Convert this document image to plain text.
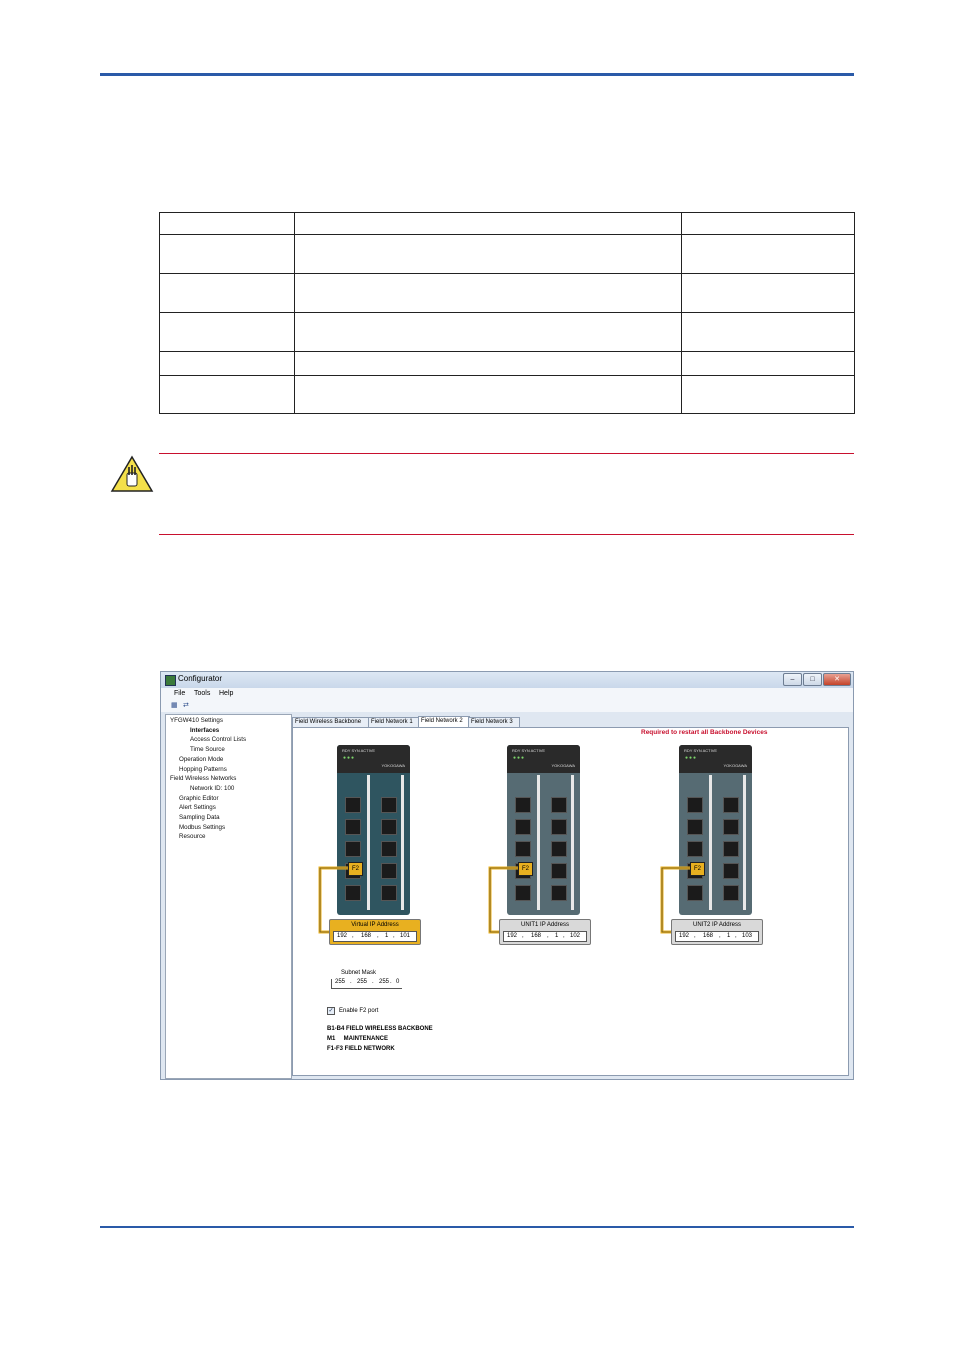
Configurator	–	□	✕
File Tools Help
▦ ⇄
YFGW410 Settings
Interfaces
Access Control Lists
Time Source
Operation Mode
Hopping Patterns
Field Wireless Networks
Network ID: 100
Graphic Editor
Alert Settings
Sampling Data
Modbus Settings
Resource
Field Wireless Backbone	Field Network 1	Field Network 2	Field Network 3
Required to restart all Backbone Devices
RDY SYN ACTIVE
●●●
YOKOGAWA
F2
Virtual IP Address
192 , 168 , 1 , 101
RDY SYN ACTIVE
●●●
YOKOGAWA
F2
UNIT1 IP Address
192 , 168 , 1 , 102
RDY SYN ACTIVE
●●●
YOKOGAWA
F2
UNIT2 IP Address
192 , 168 , 1 , 103
Subnet Mask
255 . 255 . 255 . 0
✓ Enable F2 port
B1-B4 FIELD WIRELESS BACKBONE
M1     MAINTENANCE
F1-F3 FIELD NETWORK
